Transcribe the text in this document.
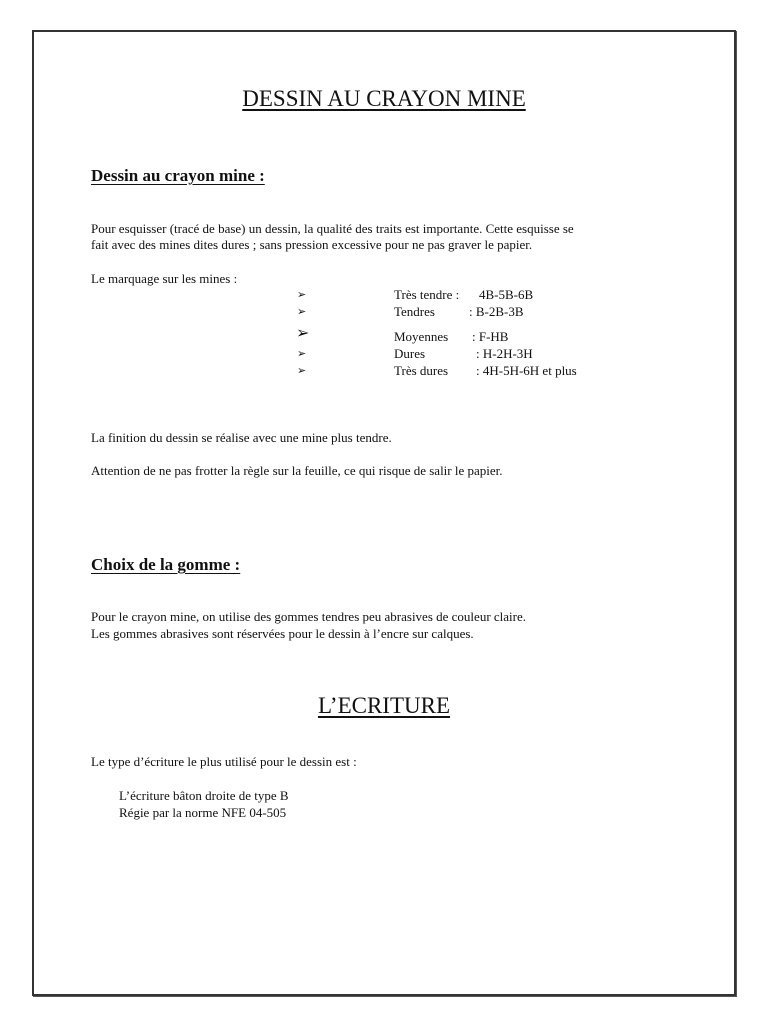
DESSIN AU CRAYON MINE
Dessin au crayon mine :
Pour esquisser (tracé de base) un dessin, la qualité des traits est importante. Cette esquisse se
fait avec des mines dites dures ; sans pression excessive pour ne pas graver le papier.
Le marquage sur les mines :
➢	Très tendre : 4B-5B-6B
➢	Tendres	: B-2B-3B
➢	Moyennes : F-HB
➢	Dures	: H-2H-3H
➢	Très dures : 4H-5H-6H et plus
La finition du dessin se réalise avec une mine plus tendre.
Attention de ne pas frotter la règle sur la feuille, ce qui risque de salir le papier.
Choix de la gomme :
Pour le crayon mine, on utilise des gommes tendres peu abrasives de couleur claire.
Les gommes abrasives sont réservées pour le dessin à l’encre sur calques.
L’ECRITURE
Le type d’écriture le plus utilisé pour le dessin est :
L’écriture bâton droite de type B
Régie par la norme NFE 04-505
